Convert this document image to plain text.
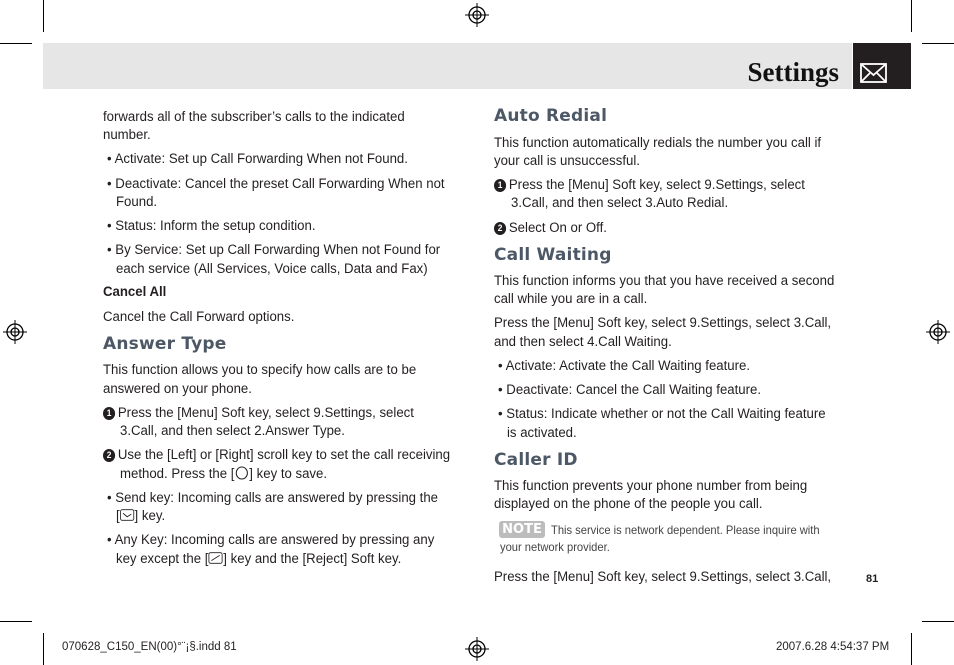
Settings
forwards all of the subscriber’s calls to the indicated
number.
• Activate: Set up Call Forwarding When not Found.
• Deactivate: Cancel the preset Call Forwarding When not
Found.
• Status: Inform the setup condition.
• By Service: Set up Call Forwarding When not Found for
each service (All Services, Voice calls, Data and Fax)
Cancel All
Cancel the Call Forward options.
Answer Type
This function allows you to specify how calls are to be
answered on your phone.
1 Press the [Menu] Soft key, select 9.Settings, select
3.Call, and then select 2.Answer Type.
2 Use the [Left] or [Right] scroll key to set the call receiving
method. Press the [ ] key to save.
• Send key: Incoming calls are answered by pressing the
[ ] key.
• Any Key: Incoming calls are answered by pressing any
key except the [ ] key and the [Reject] Soft key.
Auto Redial
This function automatically redials the number you call if
your call is unsuccessful.
1 Press the [Menu] Soft key, select 9.Settings, select
3.Call, and then select 3.Auto Redial.
2 Select On or Off.
Call Waiting
This function informs you that you have received a second
call while you are in a call.
Press the [Menu] Soft key, select 9.Settings, select 3.Call,
and then select 4.Call Waiting.
• Activate: Activate the Call Waiting feature.
• Deactivate: Cancel the Call Waiting feature.
• Status: Indicate whether or not the Call Waiting feature
is activated.
Caller ID
This function prevents your phone number from being
displayed on the phone of the people you call.
NOTE This service is network dependent. Please inquire with
your network provider.
Press the [Menu] Soft key, select 9.Settings, select 3.Call,	81
070628_C150_EN(00)°¨¡§.indd 81	2007.6.28 4:54:37 PM
